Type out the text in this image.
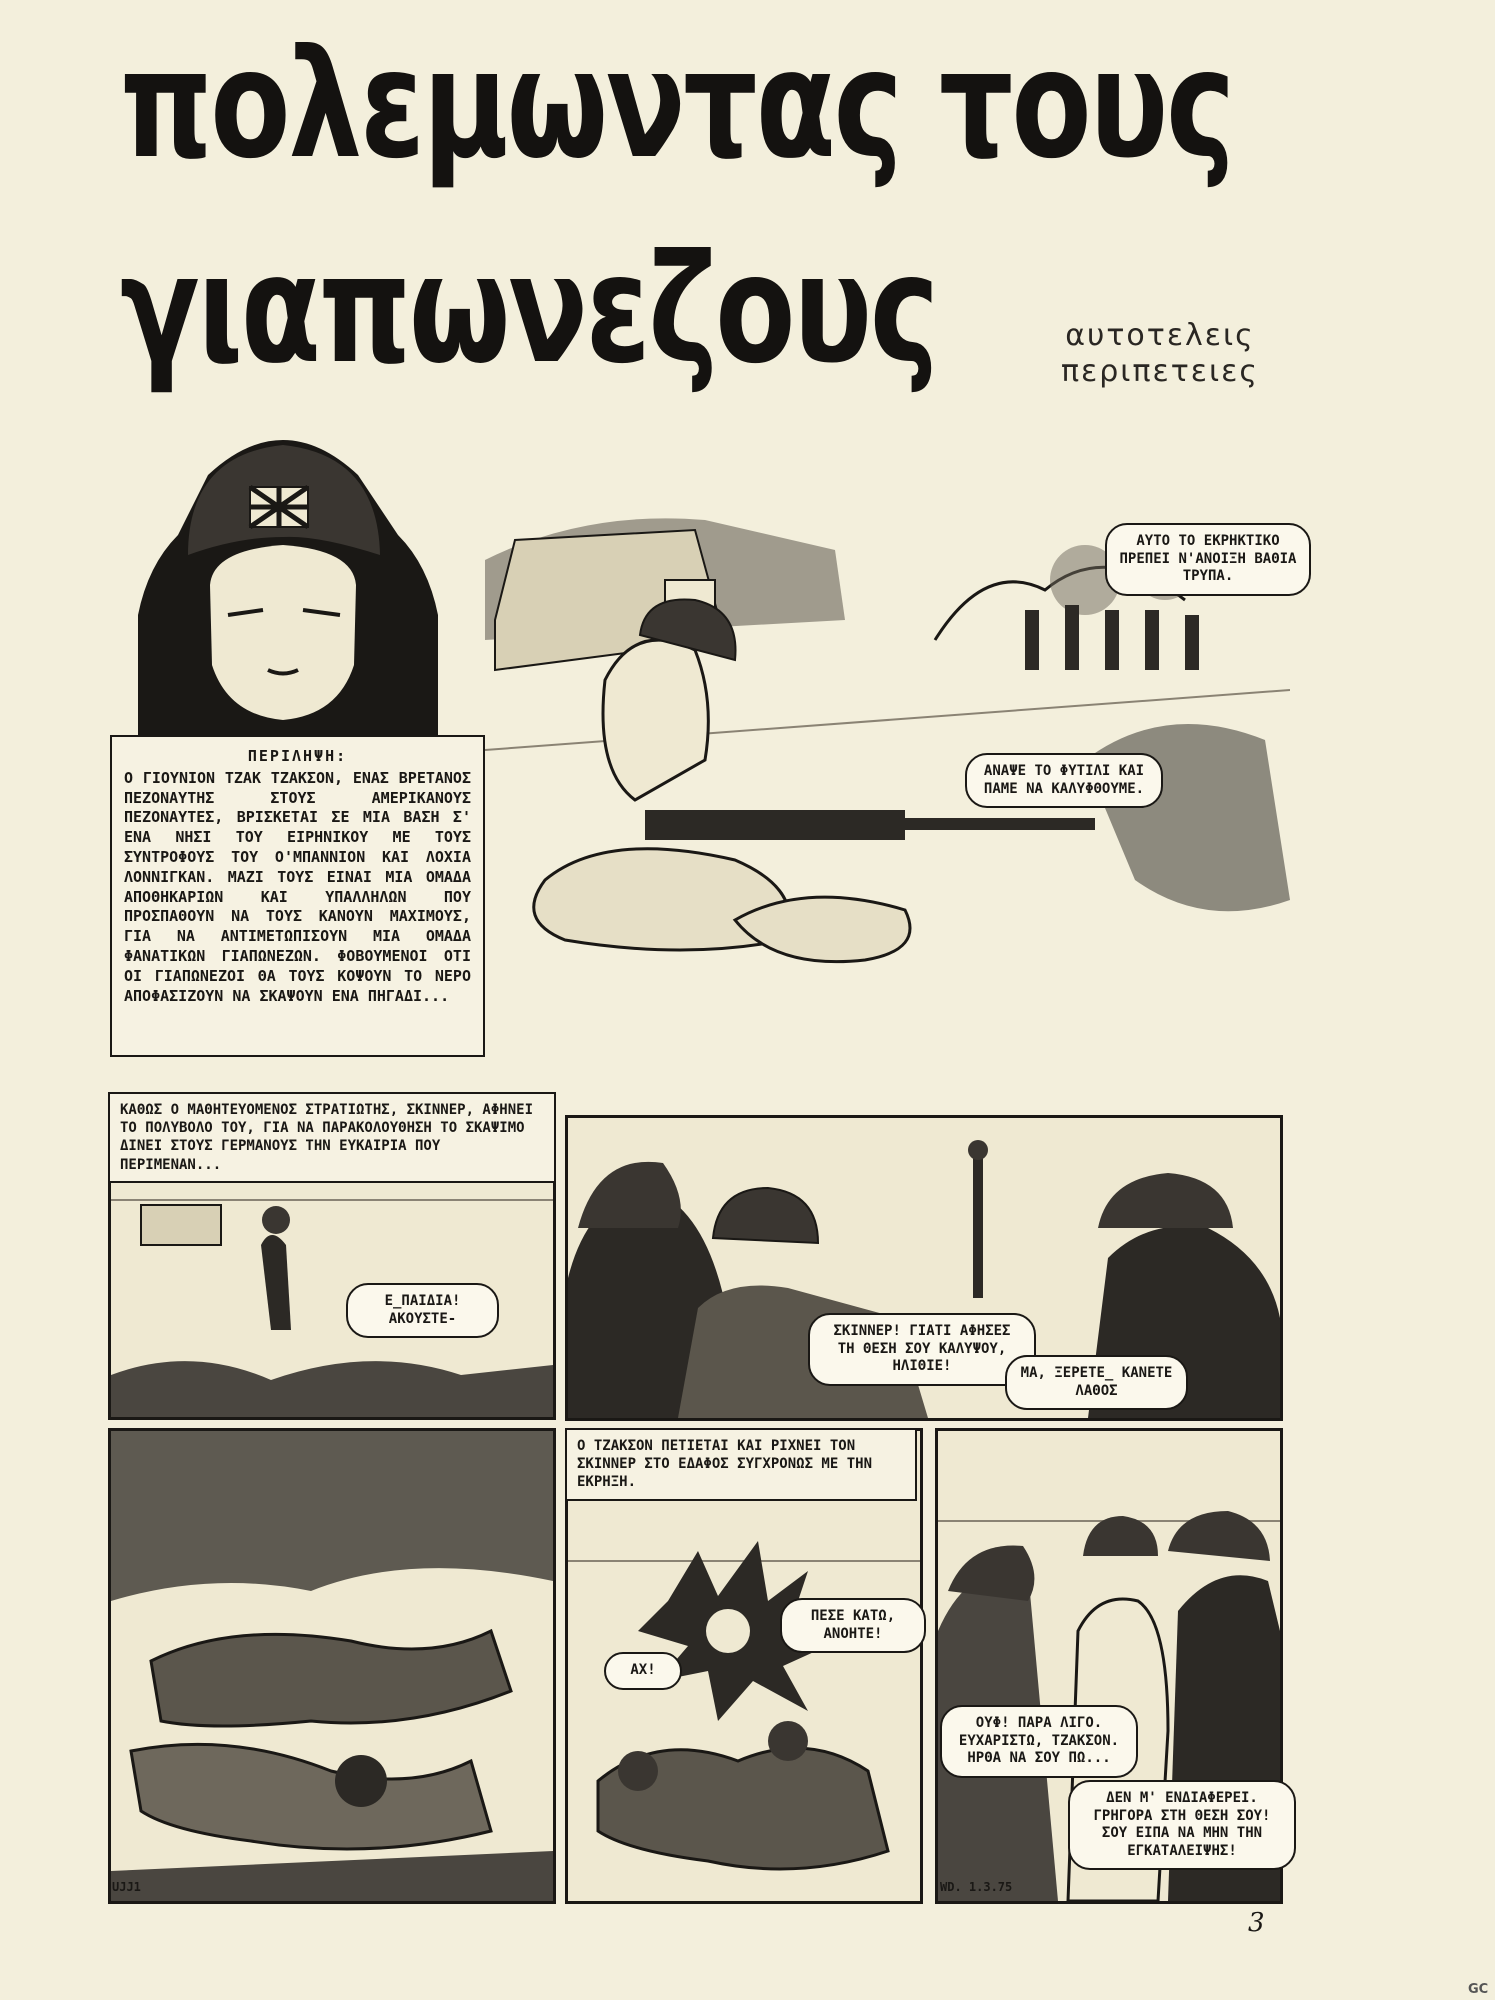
πολεμωντας τους
γιαπωνεζους	αυτοτελεις
περιπετειες
ΠΕΡΙΛΗΨΗ:
Ο ΓΙΟΥΝΙΟΝ ΤΖΑΚ ΤΖΑΚΣΟΝ, ΕΝΑΣ ΒΡΕΤΑΝΟΣ ΠΕΖΟΝΑΥΤΗΣ ΣΤΟΥΣ ΑΜΕΡΙΚΑΝΟΥΣ ΠΕΖΟΝΑΥΤΕΣ, ΒΡΙΣΚΕΤΑΙ ΣΕ ΜΙΑ ΒΑΣΗ Σ' ΕΝΑ ΝΗΣΙ ΤΟΥ ΕΙΡΗΝΙΚΟΥ ΜΕ ΤΟΥΣ ΣΥΝΤΡΟΦΟΥΣ ΤΟΥ Ο'ΜΠΑΝΝΙΟΝ ΚΑΙ ΛΟΧΙΑ ΛΟΝΝΙΓΚΑΝ. ΜΑΖΙ ΤΟΥΣ ΕΙΝΑΙ ΜΙΑ ΟΜΑΔΑ ΑΠΟΘΗΚΑΡΙΩΝ ΚΑΙ ΥΠΑΛΛΗΛΩΝ ΠΟΥ ΠΡΟΣΠΑΘΟΥΝ ΝΑ ΤΟΥΣ ΚΑΝΟΥΝ ΜΑΧΙΜΟΥΣ, ΓΙΑ ΝΑ ΑΝΤΙΜΕΤΩΠΙΣΟΥΝ ΜΙΑ ΟΜΑΔΑ ΦΑΝΑΤΙΚΩΝ ΓΙΑΠΩΝΕΖΩΝ. ΦΟΒΟΥΜΕΝΟΙ ΟΤΙ ΟΙ ΓΙΑΠΩΝΕΖΟΙ ΘΑ ΤΟΥΣ ΚΟΨΟΥΝ ΤΟ ΝΕΡΟ ΑΠΟΦΑΣΙΖΟΥΝ ΝΑ ΣΚΑΨΟΥΝ ΕΝΑ ΠΗΓΑΔΙ...
ΑΥΤΟ ΤΟ ΕΚΡΗΚΤΙΚΟ ΠΡΕΠΕΙ Ν'ΑΝΟΙΞΗ ΒΑΘΙΑ ΤΡΥΠΑ.
ΑΝΑΨΕ ΤΟ ΦΥΤΙΛΙ ΚΑΙ ΠΑΜΕ ΝΑ ΚΑΛΥΦΘΟΥΜΕ.
ΚΑΘΩΣ Ο ΜΑΘΗΤΕΥΟΜΕΝΟΣ ΣΤΡΑΤΙΩΤΗΣ, ΣΚΙΝΝΕΡ, ΑΦΗΝΕΙ ΤΟ ΠΟΛΥΒΟΛΟ ΤΟΥ, ΓΙΑ ΝΑ ΠΑΡΑΚΟΛΟΥΘΗΣΗ ΤΟ ΣΚΑΨΙΜΟ ΔΙΝΕΙ ΣΤΟΥΣ ΓΕΡΜΑΝΟΥΣ ΤΗΝ ΕΥΚΑΙΡΙΑ ΠΟΥ ΠΕΡΙΜΕΝΑΝ...
Ε_ΠΑΙΔΙΑ! ΑΚΟΥΣΤΕ-
ΣΚΙΝΝΕΡ! ΓΙΑΤΙ ΑΦΗΣΕΣ ΤΗ ΘΕΣΗ ΣΟΥ ΚΑΛΥΨΟΥ, ΗΛΙΘΙΕ!	ΜΑ, ΞΕΡΕΤΕ_ ΚΑΝΕΤΕ ΛΑΘΟΣ
UJJ1
Ο ΤΖΑΚΣΟΝ ΠΕΤΙΕΤΑΙ ΚΑΙ ΡΙΧΝΕΙ ΤΟΝ ΣΚΙΝΝΕΡ ΣΤΟ ΕΔΑΦΟΣ ΣΥΓΧΡΟΝΩΣ ΜΕ ΤΗΝ ΕΚΡΗΞΗ.
ΠΕΣΕ ΚΑΤΩ, ΑΝΟΗΤΕ!
ΑΧ!
ΟΥΦ! ΠΑΡΑ ΛΙΓΟ. ΕΥΧΑΡΙΣΤΩ, ΤΖΑΚΣΟΝ. ΗΡΘΑ ΝΑ ΣΟΥ ΠΩ...
ΔΕΝ Μ' ΕΝΔΙΑΦΕΡΕΙ. ΓΡΗΓΟΡΑ ΣΤΗ ΘΕΣΗ ΣΟΥ! ΣΟΥ ΕΙΠΑ ΝΑ ΜΗΝ ΤΗΝ ΕΓΚΑΤΑΛΕΙΨΗΣ!
WD. 1.3.75
3
GC
